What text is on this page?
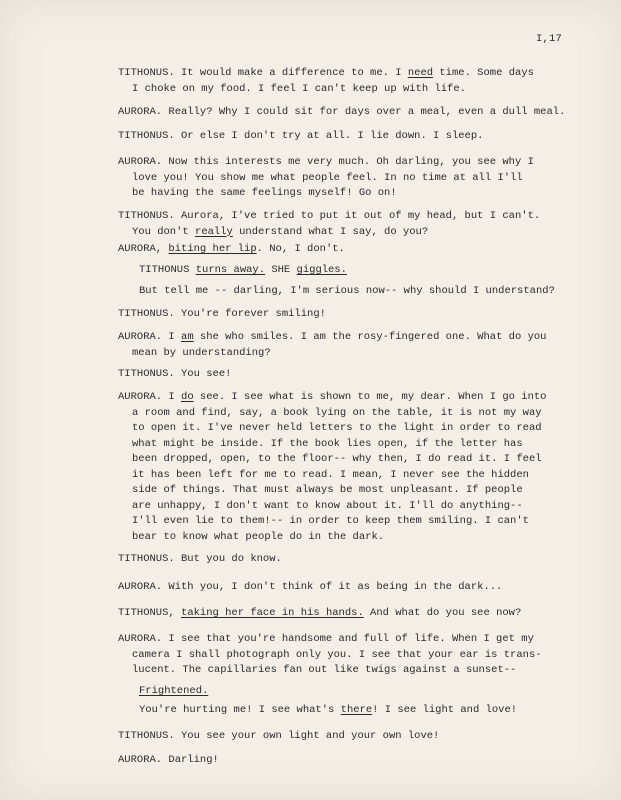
I,17
TITHONUS. It would make a difference to me. I need time. Some days
I choke on my food. I feel I can't keep up with life.
AURORA. Really? Why I could sit for days over a meal, even a dull meal.
TITHONUS. Or else I don't try at all. I lie down. I sleep.
AURORA. Now this interests me very much. Oh darling, you see why I
love you! You show me what people feel. In no time at all I'll
be having the same feelings myself! Go on!
TITHONUS. Aurora, I've tried to put it out of my head, but I can't.
You don't really understand what I say, do you?
AURORA, biting her lip. No, I don't.
TITHONUS turns away. SHE giggles.
But tell me -- darling, I'm serious now-- why should I understand?
TITHONUS. You're forever smiling!
AURORA. I am she who smiles. I am the rosy-fingered one. What do you
mean by understanding?
TITHONUS. You see!
AURORA. I do see. I see what is shown to me, my dear. When I go into
a room and find, say, a book lying on the table, it is not my way
to open it. I've never held letters to the light in order to read
what might be inside. If the book lies open, if the letter has
been dropped, open, to the floor-- why then, I do read it. I feel
it has been left for me to read. I mean, I never see the hidden
side of things. That must always be most unpleasant. If people
are unhappy, I don't want to know about it. I'll do anything--
I'll even lie to them!-- in order to keep them smiling. I can't
bear to know what people do in the dark.
TITHONUS. But you do know.
AURORA. With you, I don't think of it as being in the dark...
TITHONUS, taking her face in his hands. And what do you see now?
AURORA. I see that you're handsome and full of life. When I get my
camera I shall photograph only you. I see that your ear is trans-
lucent. The capillaries fan out like twigs against a sunset--
Frightened.
You're hurting me! I see what's there! I see light and love!
TITHONUS. You see your own light and your own love!
AURORA. Darling!
